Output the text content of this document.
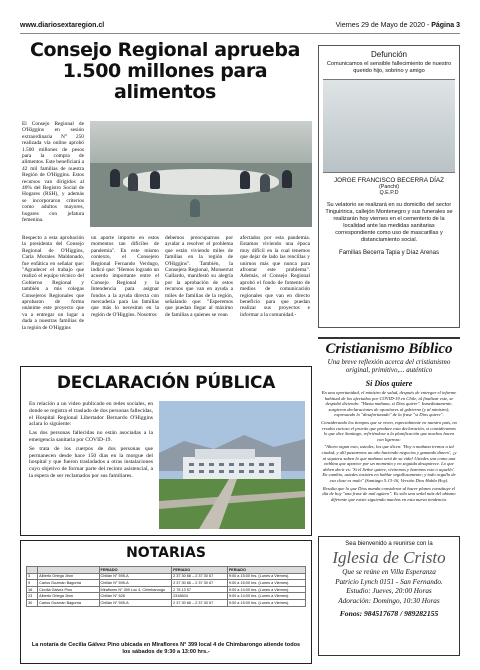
www.diariosextaregion.cl	Viernes 29 de Mayo de 2020 - Página 3
Consejo Regional aprueba 1.500 millones para alimentos

El Consejo Regional de O'Higgins en sesión extraordinaria N° 250 realizada vía online aprobó 1.500 millones de pesos para la compra de alimentos. Este beneficiará a 42 mil familias de nuestra Región de O'Higgins. Estos recursos van dirigidos al 40% del Registro Social de Hogares (RSH), y además se incorporaron criterios como adultos mayores, hogares con jefatura femenina.

Respecto a esta aprobación la presidenta del Consejo Regional de O'Higgins, Carla Morales Maldonado, fue enfática en señalar que: "Agradecer el trabajo que realizó el equipo técnico del Gobierno Regional y también a mis colegas Consejeros Regionales que aprobaron de forma unánime este proyecto que va a entregar un lugar a dada a nuestras familias de la región de O'Higgins

un aporte importe en estos momentos tan difíciles de pandemia". En este mismo contexto, el Consejero Regional Fernando Verdugo, indicó que: "Hemos logrado un acuerdo importante entre el Consejo Regional y la Intendencia para asignar fondos a la ayuda directa con mercadería para las familias que más lo necesitan en la región de O'Higgins. Nosotros

debemos preocuparnos por ayudar a resolver el problema que están viviendo miles de familias en la región de O'Higgins". También, la Consejera Regional, Monserrat Gallardo, manifestó su alegría por la aprobación de estos recursos que van en ayuda a miles de familias de la región, señalando que: "Esperemos que puedan llegar al máximo de familias a quienes se vean

afectados por esta pandemia. Estamos viviendo una época muy difícil en la cual tenemos que dejar de lado las rencillas y unirnos más que nunca para afrontar este problema". Además, el Consejo Regional aprobó el fondo de fomento de medios de comunicación regionales que van en directo beneficio para que puedan realizar sus proyectos e informar a la comunidad.-

Defunción
Comunicamos el sensible fallecimiento de nuestro querido hijo, sobrino y amigo
JORGE FRANCISCO BECERRA DÍAZ
(Panchi)
Q.E.P.D
Su velatorio se realizará en su domicilio del sector Tinguiririca, callejón Montenegro y sus funerales se realizarán hoy viernes en el cementerio de la localidad ante las medidas sanitarias correspondiente como uso de mascarillas y distanciamiento social.
Familias Becerra Tapia y Díaz Arenas
Cristianismo Bíblico
Una breve reflexión acerca del cristianismo original, primitivo,... auténtico
Si Dios quiere

En una oportunidad, el ministro de salud, después de entregar el informe habitual de los afectados por COVID-19 en Chile, al finalizar este, se despidió diciendo: "Hasta mañana, si Dios quiere". Inmediatamente, surgieron declaraciones de opositores al gobierno (y al ministro), expresando lo "desafortunado" de la frase "si Dios quiere".

Considerando los tiempos que se viven, especialmente en nuestro país, no resulta curioso el prurito que produce esta declaración, si consideramos lo que dice Santiago, refiriéndose a la planificación que muchos hacen con ligereza:

"Ahora oigan esto, ustedes, los que dicen: 'Hoy o mañana iremos a tal ciudad, y allí pasaremos un año haciendo negocios y ganando dinero', ¡y ni siquiera saben lo que mañana será de su vida! Ustedes son como una neblina que aparece por un momento y en seguida desaparece. Lo que deben decir es: 'Si el Señor quiere, viviremos y haremos esto o aquello'. En cambio, ustedes insisten en hablar orgullosamente; y todo orgullo de esa clase es malo" (Santiago 5:13-16, Versión Dios Habla Hoy).

Resulta que lo que Dios manda considerar al hacer planes constituye el día de hoy "una frase de mal agüero". Es sólo una señal más del abismo diferente que existe siguiendo muchos en esta nueva tendencia.

Sea bienvenido a reunirse con la
Iglesia de Cristo
Que se reúne en Villa Esperanza
Patricio Lynch 0151 - San Fernando.
Estudio: Jueves, 20:00 Horas
Adoración: Domingo, 10:30 Horas
Fonos: 984517678 / 989282155
DECLARACIÓN PÚBLICA

En relación a un video publicado en redes sociales, en donde se registra el traslado de dos personas fallecidas, el Hospital Regional Libertador Bernardo O'Higgins aclara lo siguiente:

Las dos personas fallecidas no están asociadas a la emergencia sanitaria por COVID-19.

Se trata de los cuerpos de dos personas que permanecen desde hace 150 días en la morgue del hospital y que fueron trasladados a otras instalaciones cuyo objetivo de formar parte del recinto asistencial, a la espera de ser reclamados por sus familiares.

NOTARIAS
		FERIADO	FERIADO	FERIADO
3	Alberto Ortega Jiron	Chillán N° 595-A	2 37 30 66 – 2 37 30 67	9:00 a 15:00 hrs. (Lunes a Viernes).
9	Carlos Guzmán Bagorria	Chillán N° 595-A	2 37 30 66 – 2 37 30 67	9:00 a 15:00 hrs. (Lunes a Viernes).
16	Cecilia Gálvez Pino	Miraflores N° 399 Loc 4, Chimbarongo	2 78 13 57	9:00 a 14:00 hrs. (Lunes a Viernes).
23	Alberto Ortega Jiron	Chillán N° 626	2318604	9:00 a 14:00 hrs. (Lunes a Viernes).
30	Carlos Guzmán Bagorria	Chillán N° 595-A	2 37 30 66 – 2 37 30 67	9:00 a 15:00 hrs. (Lunes a Viernes).
La notaría de Cecilia Gálvez Pino ubicada en Miraflores N° 399 local 4 de Chimbarongo atiende todos los sábados de 9:30 a 13:00 hrs.-
